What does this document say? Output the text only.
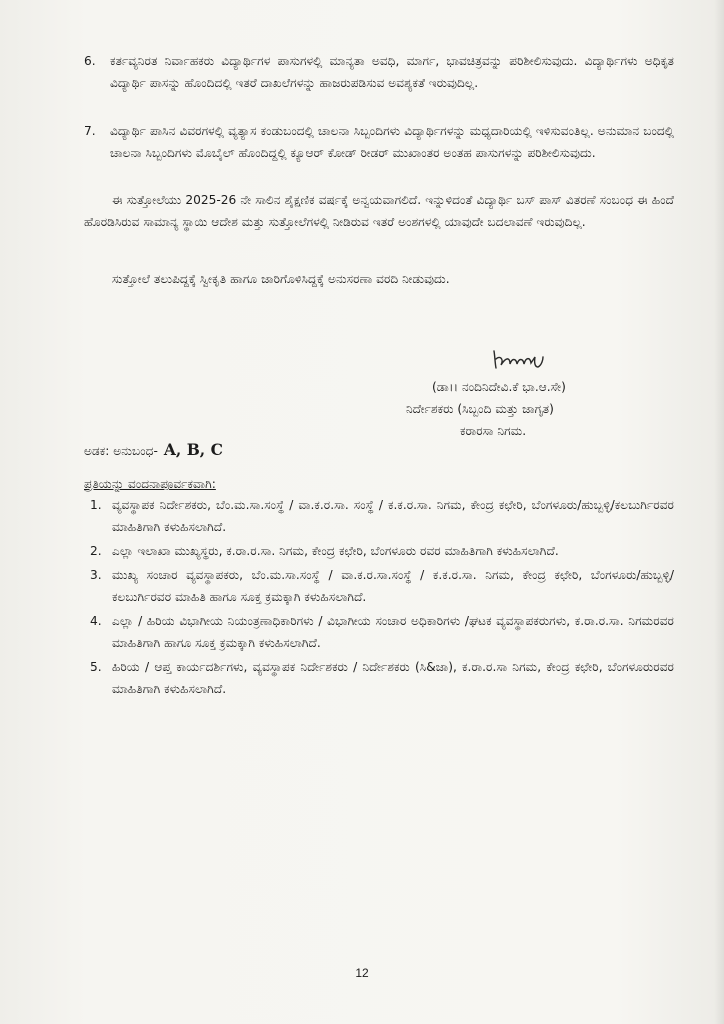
6. ಕರ್ತವ್ಯನಿರತ ನಿರ್ವಾಹಕರು ವಿದ್ಯಾರ್ಥಿಗಳ ಪಾಸುಗಳಲ್ಲಿ ಮಾನ್ಯತಾ ಅವಧಿ, ಮಾರ್ಗ, ಭಾವಚಿತ್ರವನ್ನು ಪರಿಶೀಲಿಸುವುದು. ವಿದ್ಯಾರ್ಥಿಗಳು ಅಧಿಕೃತ ವಿದ್ಯಾರ್ಥಿ ಪಾಸನ್ನು ಹೊಂದಿದಲ್ಲಿ ಇತರೆ ದಾಖಲೆಗಳನ್ನು ಹಾಜರುಪಡಿಸುವ ಅವಶ್ಯಕತೆ ಇರುವುದಿಲ್ಲ.
7. ವಿದ್ಯಾರ್ಥಿ ಪಾಸಿನ ವಿವರಗಳಲ್ಲಿ ವ್ಯತ್ಯಾಸ ಕಂಡುಬಂದಲ್ಲಿ ಚಾಲನಾ ಸಿಬ್ಬಂದಿಗಳು ವಿದ್ಯಾರ್ಥಿಗಳನ್ನು ಮಧ್ಯದಾರಿಯಲ್ಲಿ ಇಳಿಸುವಂತಿಲ್ಲ. ಅನುಮಾನ ಬಂದಲ್ಲಿ ಚಾಲನಾ ಸಿಬ್ಬಂದಿಗಳು ಮೊಬೈಲ್ ಹೊಂದಿದ್ದಲ್ಲಿ ಕ್ಯೂಆರ್ ಕೋಡ್ ರೀಡರ್ ಮುಖಾಂತರ ಅಂತಹ ಪಾಸುಗಳನ್ನು ಪರಿಶೀಲಿಸುವುದು.
ಈ ಸುತ್ತೋಲೆಯು 2025-26 ನೇ ಸಾಲಿನ ಶೈಕ್ಷಣಿಕ ವರ್ಷಕ್ಕೆ ಅನ್ವಯವಾಗಲಿದೆ. ಇನ್ನುಳಿದಂತೆ ವಿದ್ಯಾರ್ಥಿ ಬಸ್ ಪಾಸ್ ವಿತರಣೆ ಸಂಬಂಧ ಈ ಹಿಂದೆ ಹೊರಡಿಸಿರುವ ಸಾಮಾನ್ಯ ಸ್ಥಾಯಿ ಆದೇಶ ಮತ್ತು ಸುತ್ತೋಲೆಗಳಲ್ಲಿ ನೀಡಿರುವ ಇತರೆ ಅಂಶಗಳಲ್ಲಿ ಯಾವುದೇ ಬದಲಾವಣೆ ಇರುವುದಿಲ್ಲ.
ಸುತ್ತೋಲೆ ತಲುಪಿದ್ದಕ್ಕೆ ಸ್ವೀಕೃತಿ ಹಾಗೂ ಜಾರಿಗೊಳಿಸಿದ್ದಕ್ಕೆ ಅನುಸರಣಾ ವರದಿ ನೀಡುವುದು.
(ಡಾ।। ನಂದಿನಿದೇವಿ.ಕೆ ಭಾ.ಆ.ಸೇ)
ನಿರ್ದೇಶಕರು (ಸಿಬ್ಬಂದಿ ಮತ್ತು ಜಾಗೃತ)
ಕರಾರಸಾ ನಿಗಮ.
ಅಡಕ: ಅನುಬಂಧ- A, B, C
ಪ್ರತಿಯನ್ನು ವಂದನಾಪೂರ್ವಕವಾಗಿ:
1. ವ್ಯವಸ್ಥಾಪಕ ನಿರ್ದೇಶಕರು, ಬೆಂ.ಮ.ಸಾ.ಸಂಸ್ಥೆ / ವಾ.ಕ.ರ.ಸಾ. ಸಂಸ್ಥೆ / ಕ.ಕ.ರ.ಸಾ. ನಿಗಮ, ಕೇಂದ್ರ ಕಛೇರಿ, ಬೆಂಗಳೂರು/ಹುಬ್ಬಳ್ಳಿ/ಕಲಬುರ್ಗಿರವರ ಮಾಹಿತಿಗಾಗಿ ಕಳುಹಿಸಲಾಗಿದೆ.
2. ಎಲ್ಲಾ ಇಲಾಖಾ ಮುಖ್ಯಸ್ಥರು, ಕ.ರಾ.ರ.ಸಾ. ನಿಗಮ, ಕೇಂದ್ರ ಕಛೇರಿ, ಬೆಂಗಳೂರು ರವರ ಮಾಹಿತಿಗಾಗಿ ಕಳುಹಿಸಲಾಗಿದೆ.
3. ಮುಖ್ಯ ಸಂಚಾರ ವ್ಯವಸ್ಥಾಪಕರು, ಬೆಂ.ಮ.ಸಾ.ಸಂಸ್ಥೆ / ವಾ.ಕ.ರ.ಸಾ.ಸಂಸ್ಥೆ / ಕ.ಕ.ರ.ಸಾ. ನಿಗಮ, ಕೇಂದ್ರ ಕಛೇರಿ, ಬೆಂಗಳೂರು/ಹುಬ್ಬಳ್ಳಿ/ಕಲಬುರ್ಗಿರವರ ಮಾಹಿತಿ ಹಾಗೂ ಸೂಕ್ತ ಕ್ರಮಕ್ಕಾಗಿ ಕಳುಹಿಸಲಾಗಿದೆ.
4. ಎಲ್ಲಾ / ಹಿರಿಯ ವಿಭಾಗೀಯ ನಿಯಂತ್ರಣಾಧಿಕಾರಿಗಳು / ವಿಭಾಗೀಯ ಸಂಚಾರ ಅಧಿಕಾರಿಗಳು /ಘಟಕ ವ್ಯವಸ್ಥಾಪಕರುಗಳು, ಕ.ರಾ.ರ.ಸಾ. ನಿಗಮರವರ ಮಾಹಿತಿಗಾಗಿ ಹಾಗೂ ಸೂಕ್ತ ಕ್ರಮಕ್ಕಾಗಿ ಕಳುಹಿಸಲಾಗಿದೆ.
5. ಹಿರಿಯ / ಆಪ್ತ ಕಾರ್ಯದರ್ಶಿಗಳು, ವ್ಯವಸ್ಥಾಪಕ ನಿರ್ದೇಶಕರು / ನಿರ್ದೇಶಕರು (ಸಿ&ಜಾ), ಕ.ರಾ.ರ.ಸಾ ನಿಗಮ, ಕೇಂದ್ರ ಕಛೇರಿ, ಬೆಂಗಳೂರುರವರ ಮಾಹಿತಿಗಾಗಿ ಕಳುಹಿಸಲಾಗಿದೆ.
12
